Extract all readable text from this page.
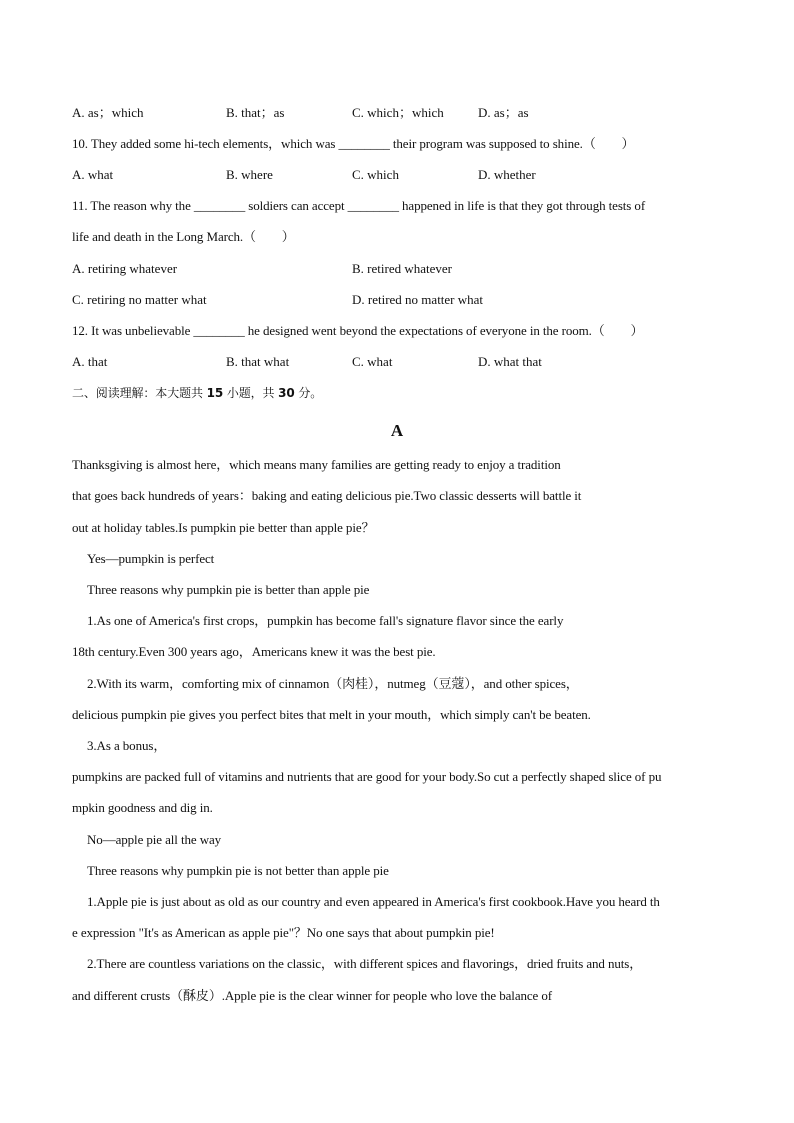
A. as；which	B. that；as	C. which；which	D. as；as
10. They added some hi-tech elements，which was ________ their program was supposed to shine.（　　）
A. what	B. where	C. which	D. whether
11. The reason why the ________ soldiers can accept ________ happened in life is that they got through tests of
life and death in the Long March.（　　）
A. retiring whatever	B. retired whatever
C. retiring no matter what	D. retired no matter what
12. It was unbelievable ________ he designed went beyond the expectations of everyone in the room.（　　）
A. that	B. that what	C. what	D. what that
二、阅读理解：本大题共 15 小题，共 30 分。
A
Thanksgiving is almost here，which means many families are getting ready to enjoy a tradition
that goes back hundreds of years：baking and eating delicious pie.Two classic desserts will battle it
out at holiday tables.Is pumpkin pie better than apple pie？
Yes—pumpkin is perfect
Three reasons why pumpkin pie is better than apple pie
1.As one of America's first crops，pumpkin has become fall's signature flavor since the early
18th century.Even 300 years ago，Americans knew it was the best pie.
2.With its warm，comforting mix of cinnamon（肉桂），nutmeg（豆蔻），and other spices，
delicious pumpkin pie gives you perfect bites that melt in your mouth，which simply can't be beaten.
3.As a bonus，
pumpkins are packed full of vitamins and nutrients that are good for your body.So cut a perfectly shaped slice of pu
mpkin goodness and dig in.
No—apple pie all the way
Three reasons why pumpkin pie is not better than apple pie
1.Apple pie is just about as old as our country and even appeared in America's first cookbook.Have you heard th
e expression "It's as American as apple pie"？No one says that about pumpkin pie!
2.There are countless variations on the classic，with different spices and flavorings，dried fruits and nuts，
and different crusts（酥皮）.Apple pie is the clear winner for people who love the balance of
